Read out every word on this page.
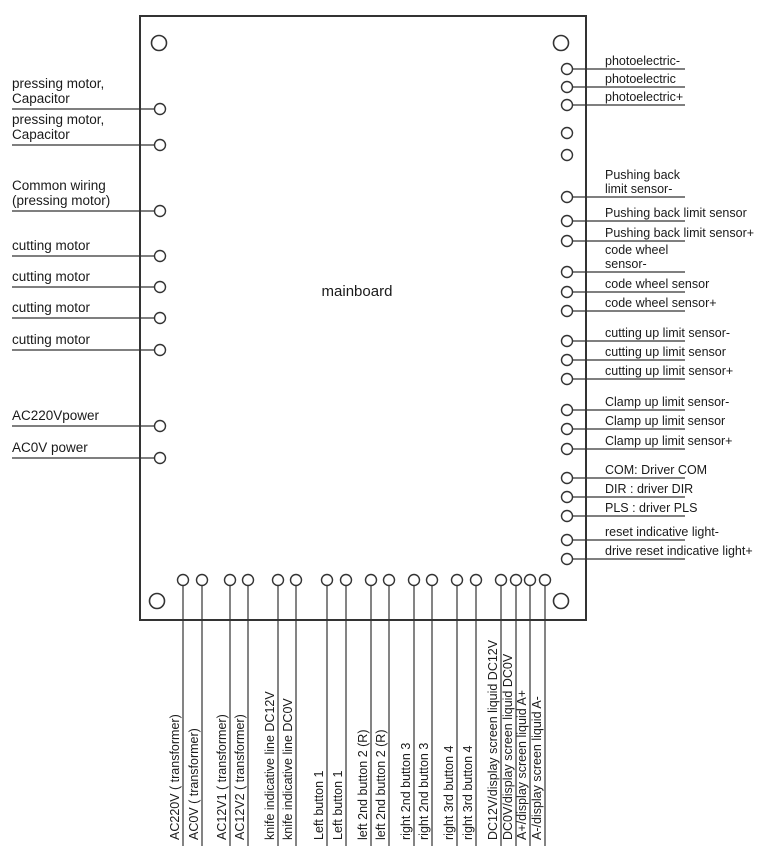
mainboard
pressing motor,
Capacitor
pressing motor,
Capacitor
Common wiring
(pressing motor)
cutting motor
cutting motor
cutting motor
cutting motor
AC220Vpower
AC0V power
photoelectric-
photoelectric
photoelectric+
Pushing back
limit sensor-
Pushing back limit sensor
Pushing back limit sensor+
code wheel
sensor-
code wheel sensor
code wheel sensor+
cutting up limit sensor-
cutting up limit sensor
cutting up limit sensor+
Clamp up limit sensor-
Clamp up limit sensor
Clamp up limit sensor+
COM: Driver COM
DIR : driver DIR
PLS : driver PLS
reset indicative light-
drive reset indicative light+
AC220V ( transformer) AC0V ( transformer) AC12V1 ( transformer) AC12V2 ( transformer) knife indicative line DC12V knife indicative line DC0V Left button 1 Left button 1 left 2nd button 2 (R) left 2nd button 2 (R) right 2nd button 3 right 2nd button 3 right 3rd button 4 right 3rd button 4 DC12V/display screen liquid DC12V DC0V/display screen liquid DC0V A+/display screen liquid A+ A-/display screen liquid A-
